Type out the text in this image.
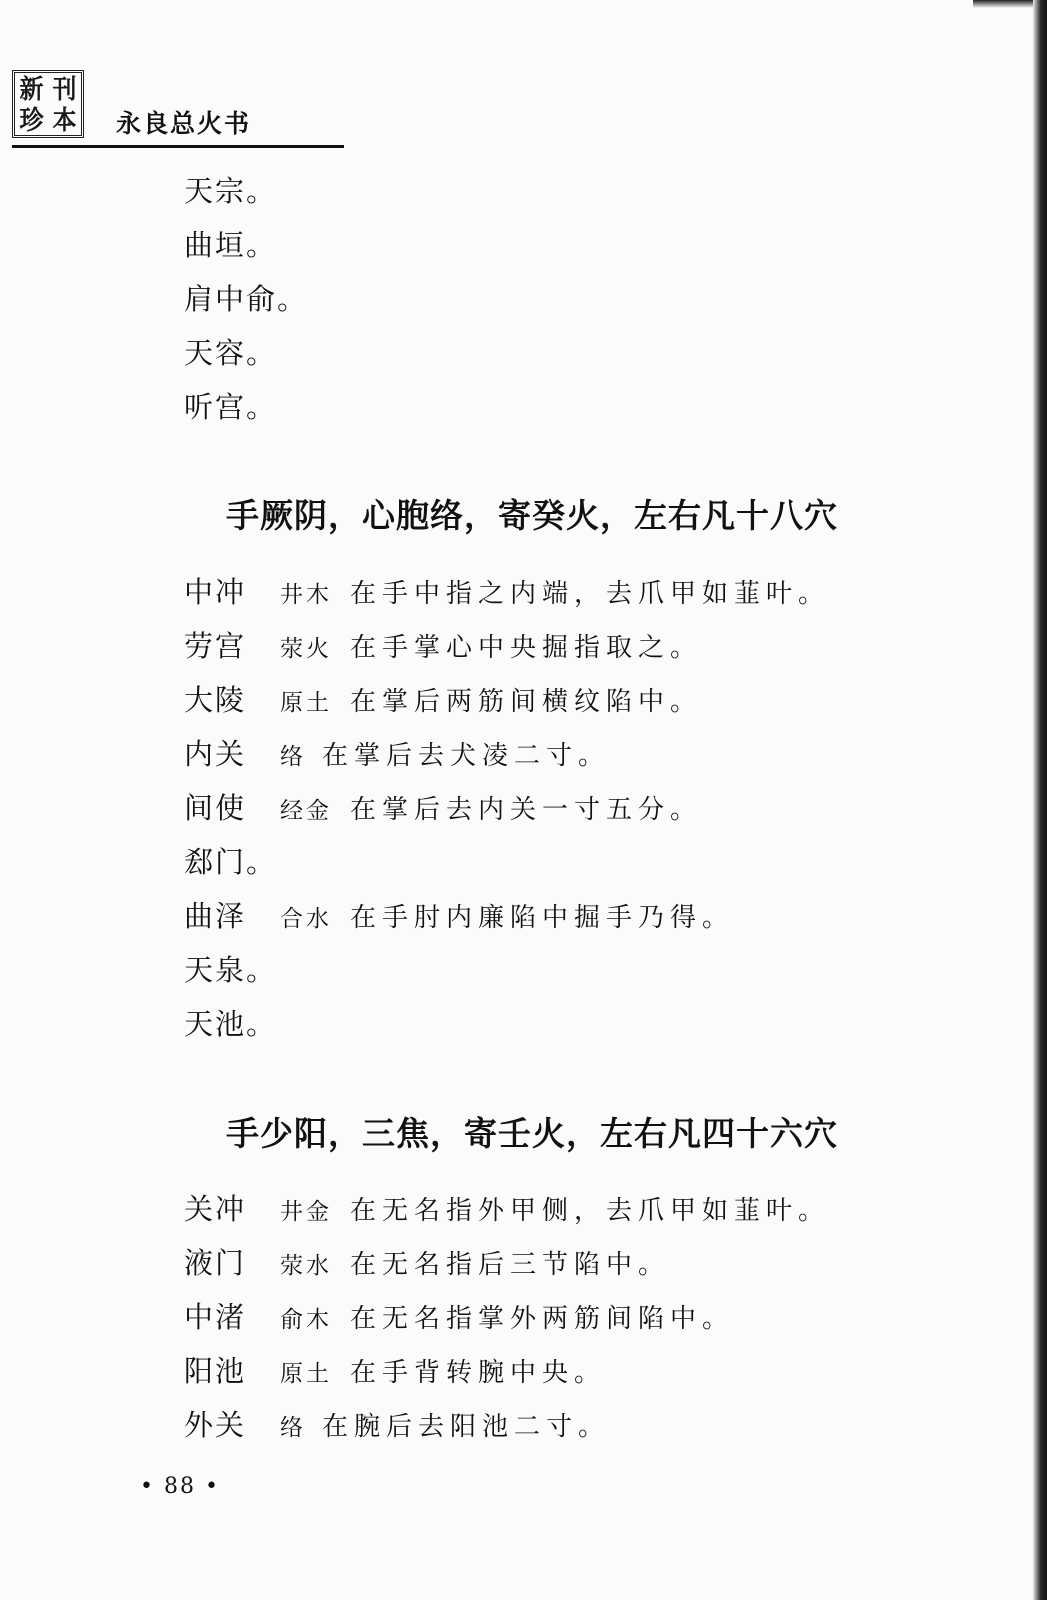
新 刊
珍 本 永良总火书
天宗。
曲垣。
肩中俞。
天容。
听宫。
手厥阴，心胞络，寄癸火，左右凡十八穴
中冲 井木 在手中指之内端，去爪甲如韮叶。
劳宫 荥火 在手掌心中央掘指取之。
大陵 原土 在掌后两筋间横纹陷中。
内关 络 在掌后去犬凌二寸。
间使 经金 在掌后去内关一寸五分。
郄门。
曲泽 合水 在手肘内廉陷中掘手乃得。
天泉。
天池。
手少阳，三焦，寄壬火，左右凡四十六穴
关冲 井金 在无名指外甲侧，去爪甲如韮叶。
液门 荥水 在无名指后三节陷中。
中渚 俞木 在无名指掌外两筋间陷中。
阳池 原土 在手背转腕中央。
外关 络 在腕后去阳池二寸。
• 88 •
